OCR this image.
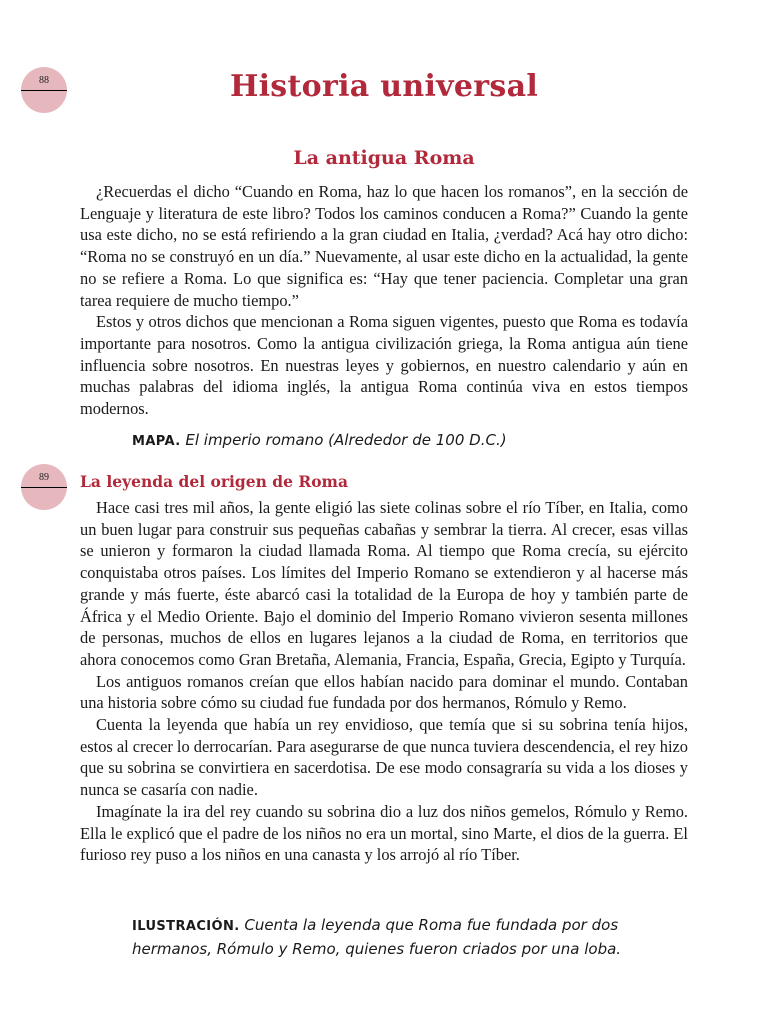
88	Historia universal
La antigua Roma

¿Recuerdas el dicho “Cuando en Roma, haz lo que hacen los romanos”, en la sección de Lenguaje y literatura de este libro? Todos los caminos conducen a Roma?” Cuando la gente usa este dicho, no se está refiriendo a la gran ciudad en Italia, ¿verdad? Acá hay otro dicho: “Roma no se construyó en un día.” Nuevamente, al usar este dicho en la actualidad, la gente no se refiere a Roma. Lo que significa es: “Hay que tener paciencia. Completar una gran tarea requiere de mucho tiempo.”

Estos y otros dichos que mencionan a Roma siguen vigentes, puesto que Roma es todavía importante para nosotros. Como la antigua civilización griega, la Roma antigua aún tiene influencia sobre nosotros. En nuestras leyes y gobiernos, en nuestro calendario y aún en muchas palabras del idioma inglés, la antigua Roma continúa viva en estos tiempos modernos.

MAPA. El imperio romano (Alrededor de 100 D.C.)
89	La leyenda del origen de Roma

Hace casi tres mil años, la gente eligió las siete colinas sobre el río Tíber, en Italia, como un buen lugar para construir sus pequeñas cabañas y sembrar la tierra. Al crecer, esas villas se unieron y formaron la ciudad llamada Roma. Al tiempo que Roma crecía, su ejército conquistaba otros países. Los límites del Imperio Romano se extendieron y al hacerse más grande y más fuerte, éste abarcó casi la totalidad de la Europa de hoy y también parte de África y el Medio Oriente. Bajo el dominio del Imperio Romano vivieron sesenta millones de personas, muchos de ellos en lugares lejanos a la ciudad de Roma, en territorios que ahora conocemos como Gran Bretaña, Alemania, Francia, España, Grecia, Egipto y Turquía.

Los antiguos romanos creían que ellos habían nacido para dominar el mundo. Contaban una historia sobre cómo su ciudad fue fundada por dos hermanos, Rómulo y Remo.

Cuenta la leyenda que había un rey envidioso, que temía que si su sobrina tenía hijos, estos al crecer lo derrocarían. Para asegurarse de que nunca tuviera descendencia, el rey hizo que su sobrina se convirtiera en sacerdotisa. De ese modo consagraría su vida a los dioses y nunca se casaría con nadie.

Imagínate la ira del rey cuando su sobrina dio a luz dos niños gemelos, Rómulo y Remo. Ella le explicó que el padre de los niños no era un mortal, sino Marte, el dios de la guerra. El furioso rey puso a los niños en una canasta y los arrojó al río Tíber.

ILUSTRACIÓN. Cuenta la leyenda que Roma fue fundada por dos hermanos, Rómulo y Remo, quienes fueron criados por una loba.
